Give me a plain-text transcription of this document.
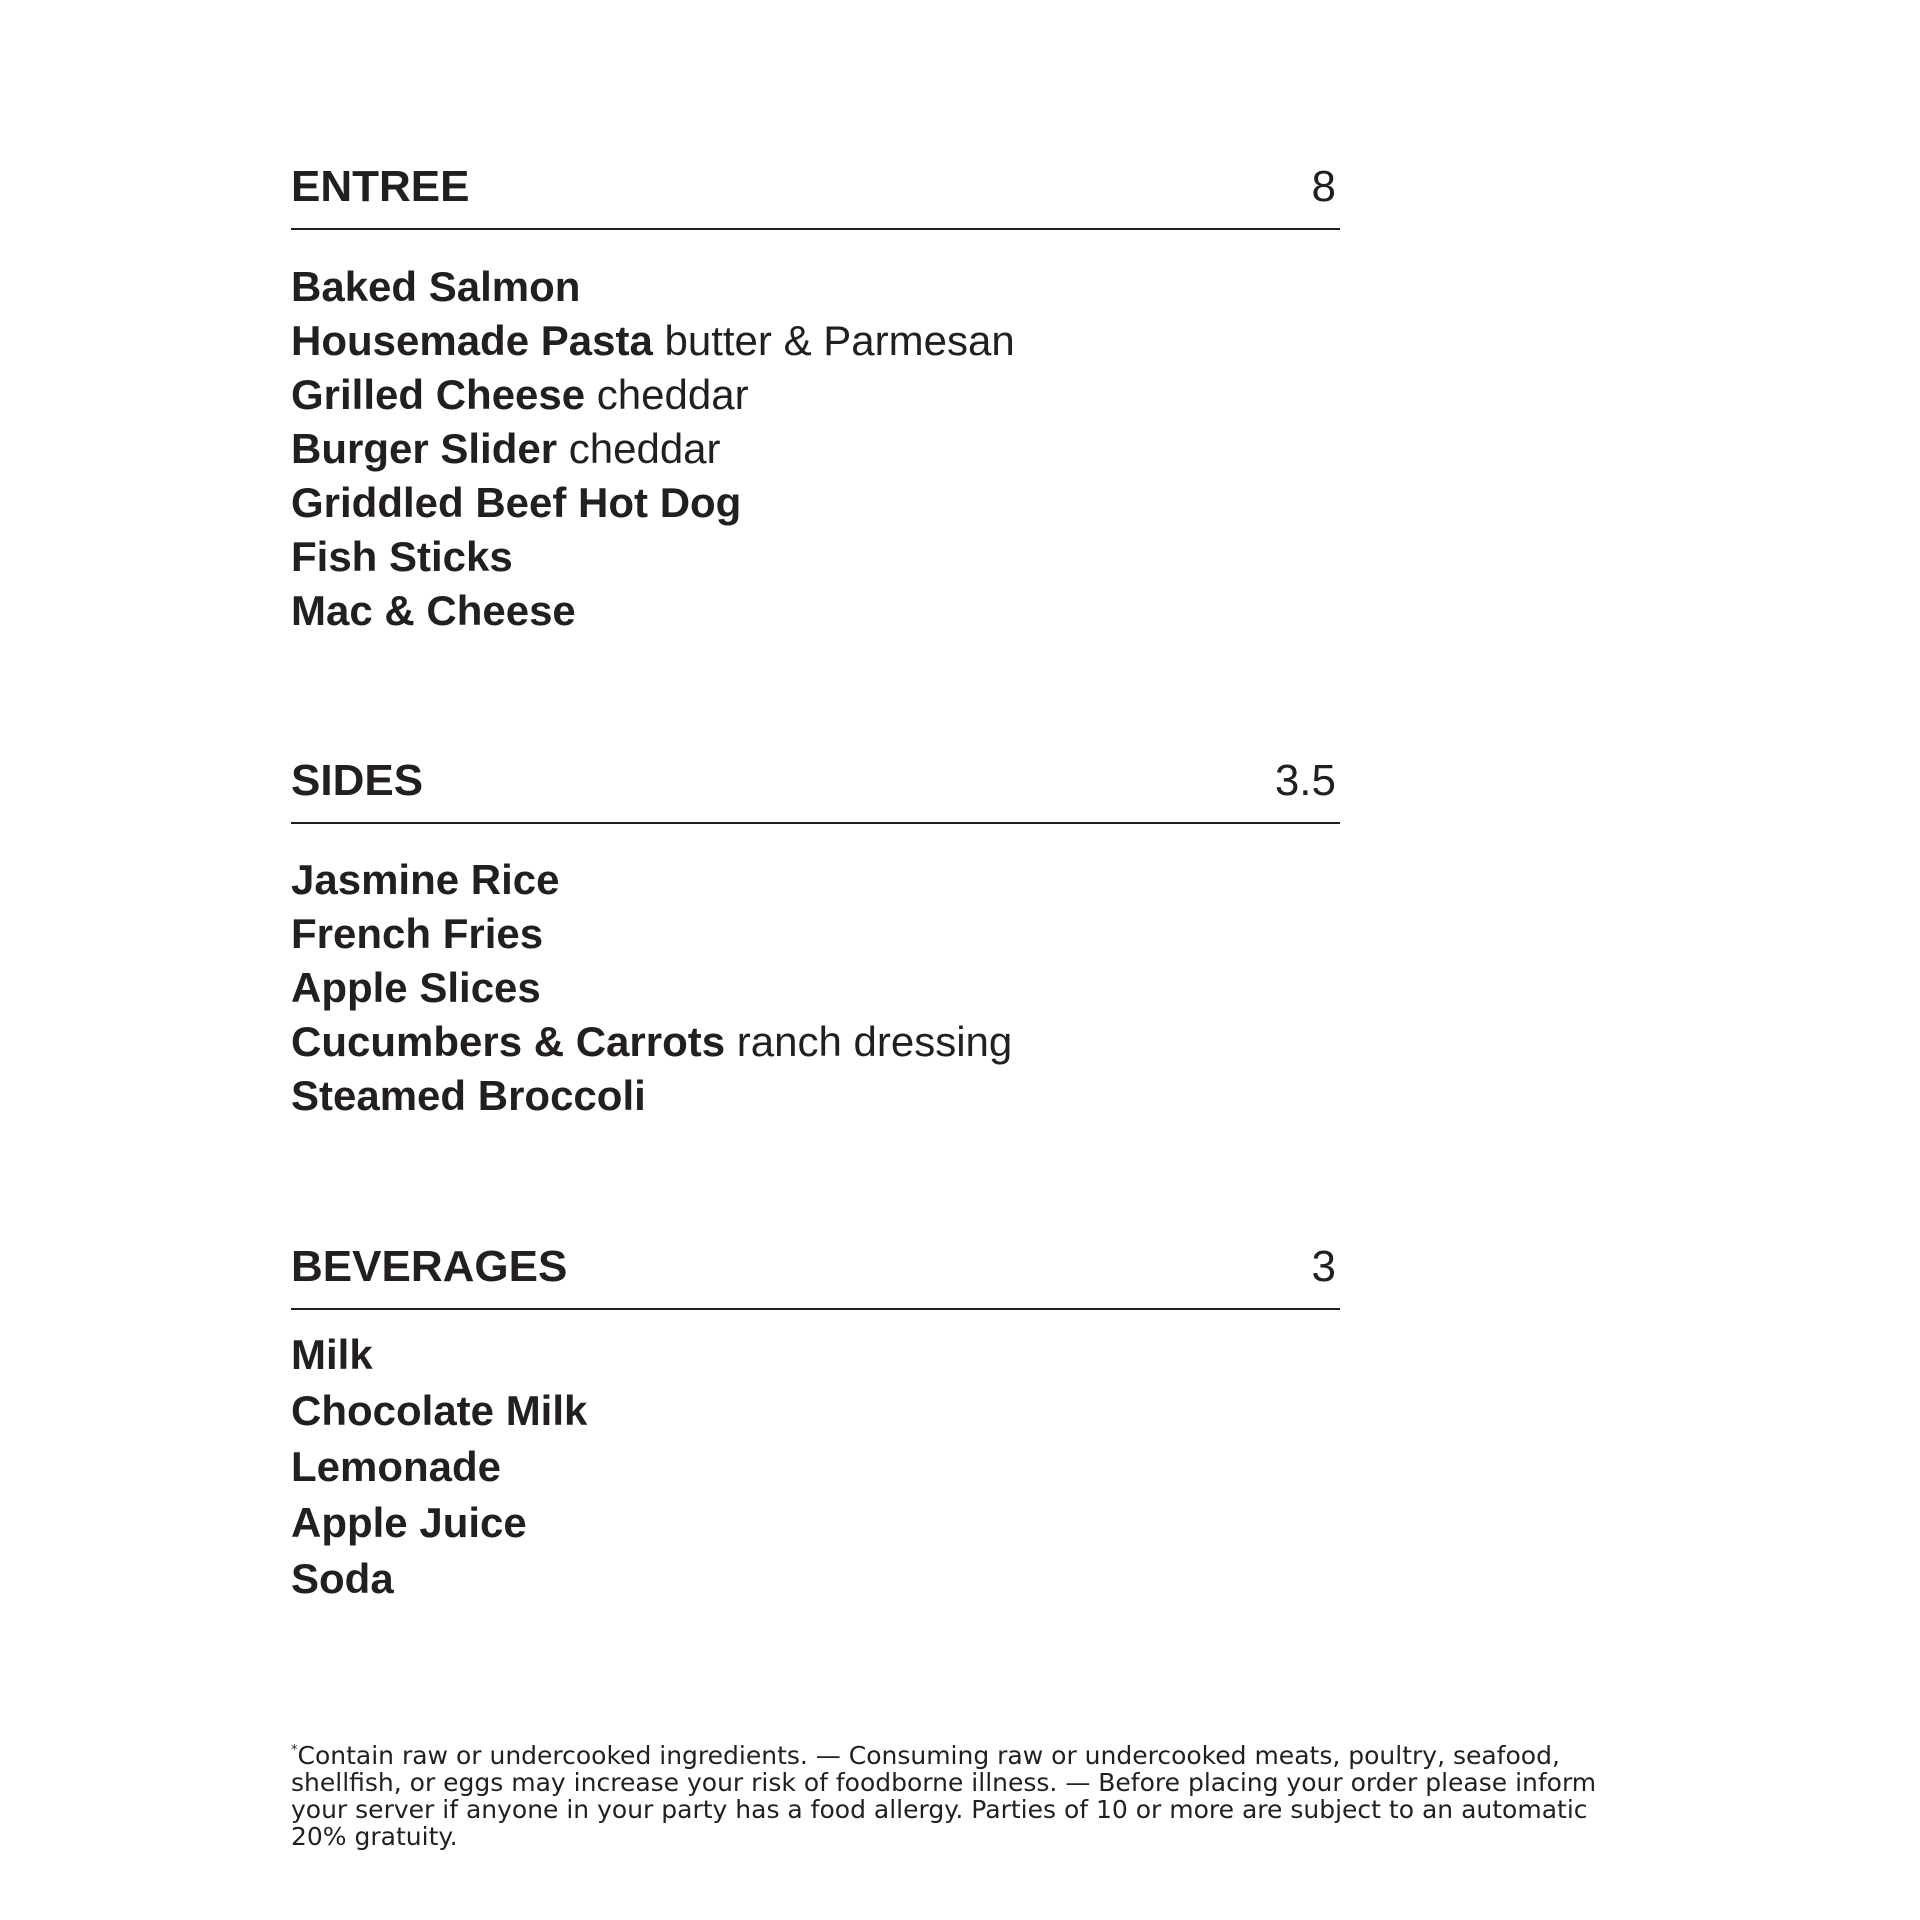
ENTREE	8
Baked Salmon
Housemade Pasta butter & Parmesan
Grilled Cheese cheddar
Burger Slider cheddar
Griddled Beef Hot Dog
Fish Sticks
Mac & Cheese
SIDES	3.5
Jasmine Rice
French Fries
Apple Slices
Cucumbers & Carrots ranch dressing
Steamed Broccoli
BEVERAGES	3
Milk
Chocolate Milk
Lemonade
Apple Juice
Soda
*Contain raw or undercooked ingredients. — Consuming raw or undercooked meats, poultry, seafood, shellfish, or eggs may increase your risk of foodborne illness. — Before placing your order please inform your server if anyone in your party has a food allergy. Parties of 10 or more are subject to an automatic 20% gratuity.
